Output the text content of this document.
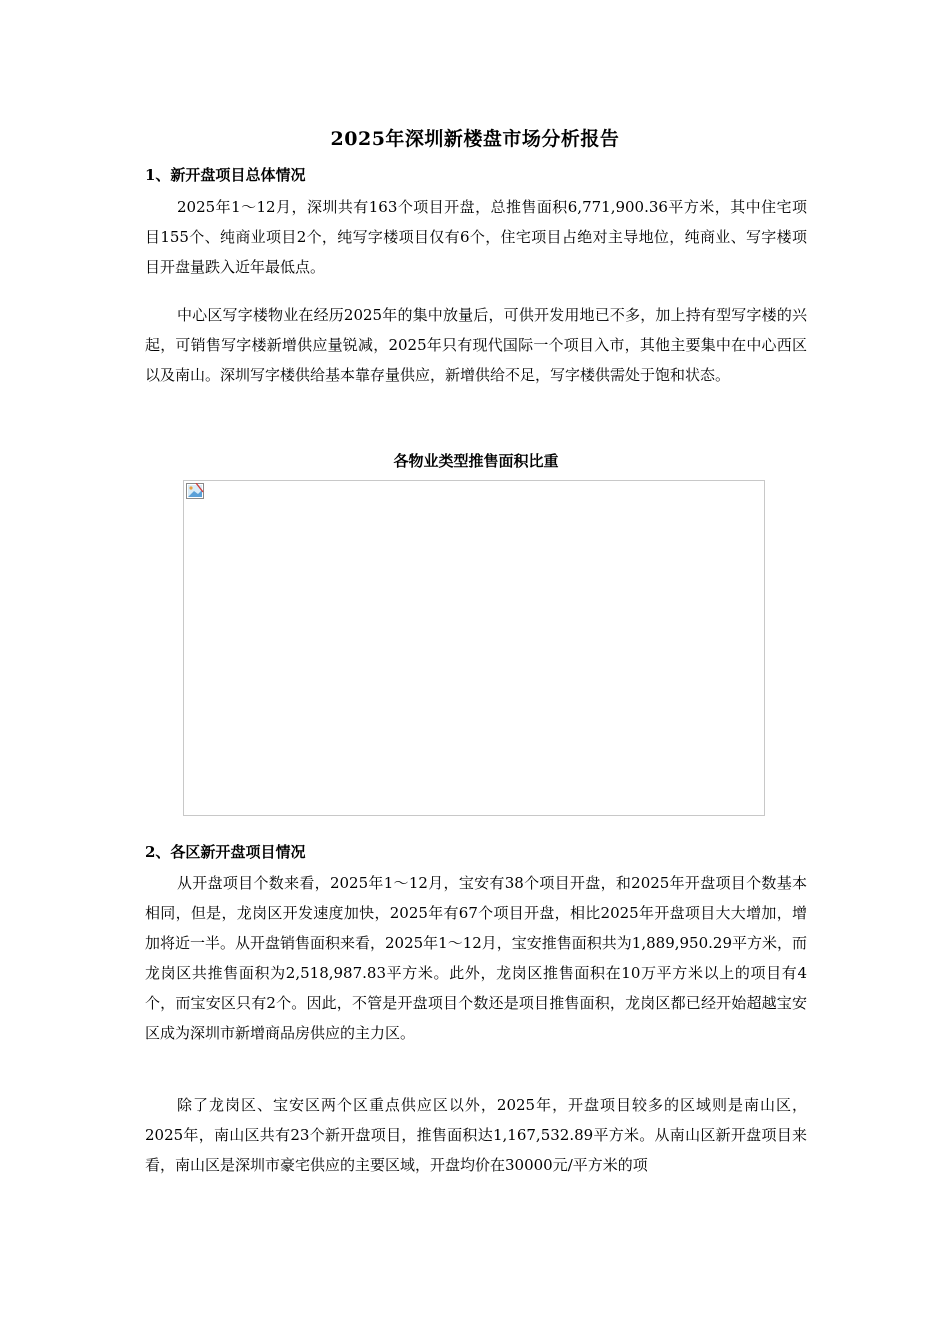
2025年深圳新楼盘市场分析报告
1、新开盘项目总体情况

2025年1～12月，深圳共有163个项目开盘，总推售面积6,771,900.36平方米，其中住宅项目155个、纯商业项目2个，纯写字楼项目仅有6个，住宅项目占绝对主导地位，纯商业、写字楼项目开盘量跌入近年最低点。

中心区写字楼物业在经历2025年的集中放量后，可供开发用地已不多，加上持有型写字楼的兴起，可销售写字楼新增供应量锐减，2025年只有现代国际一个项目入市，其他主要集中在中心西区以及南山。深圳写字楼供给基本靠存量供应，新增供给不足，写字楼供需处于饱和状态。

各物业类型推售面积比重
2、各区新开盘项目情况

从开盘项目个数来看，2025年1～12月，宝安有38个项目开盘，和2025年开盘项目个数基本相同，但是，龙岗区开发速度加快，2025年有67个项目开盘，相比2025年开盘项目大大增加，增加将近一半。从开盘销售面积来看，2025年1～12月，宝安推售面积共为1,889,950.29平方米，而龙岗区共推售面积为2,518,987.83平方米。此外，龙岗区推售面积在10万平方米以上的项目有4个，而宝安区只有2个。因此，不管是开盘项目个数还是项目推售面积，龙岗区都已经开始超越宝安区成为深圳市新增商品房供应的主力区。

除了龙岗区、宝安区两个区重点供应区以外，2025年，开盘项目较多的区域则是南山区，2025年，南山区共有23个新开盘项目，推售面积达1,167,532.89平方米。从南山区新开盘项目来看，南山区是深圳市豪宅供应的主要区域，开盘均价在30000元/平方米的项
